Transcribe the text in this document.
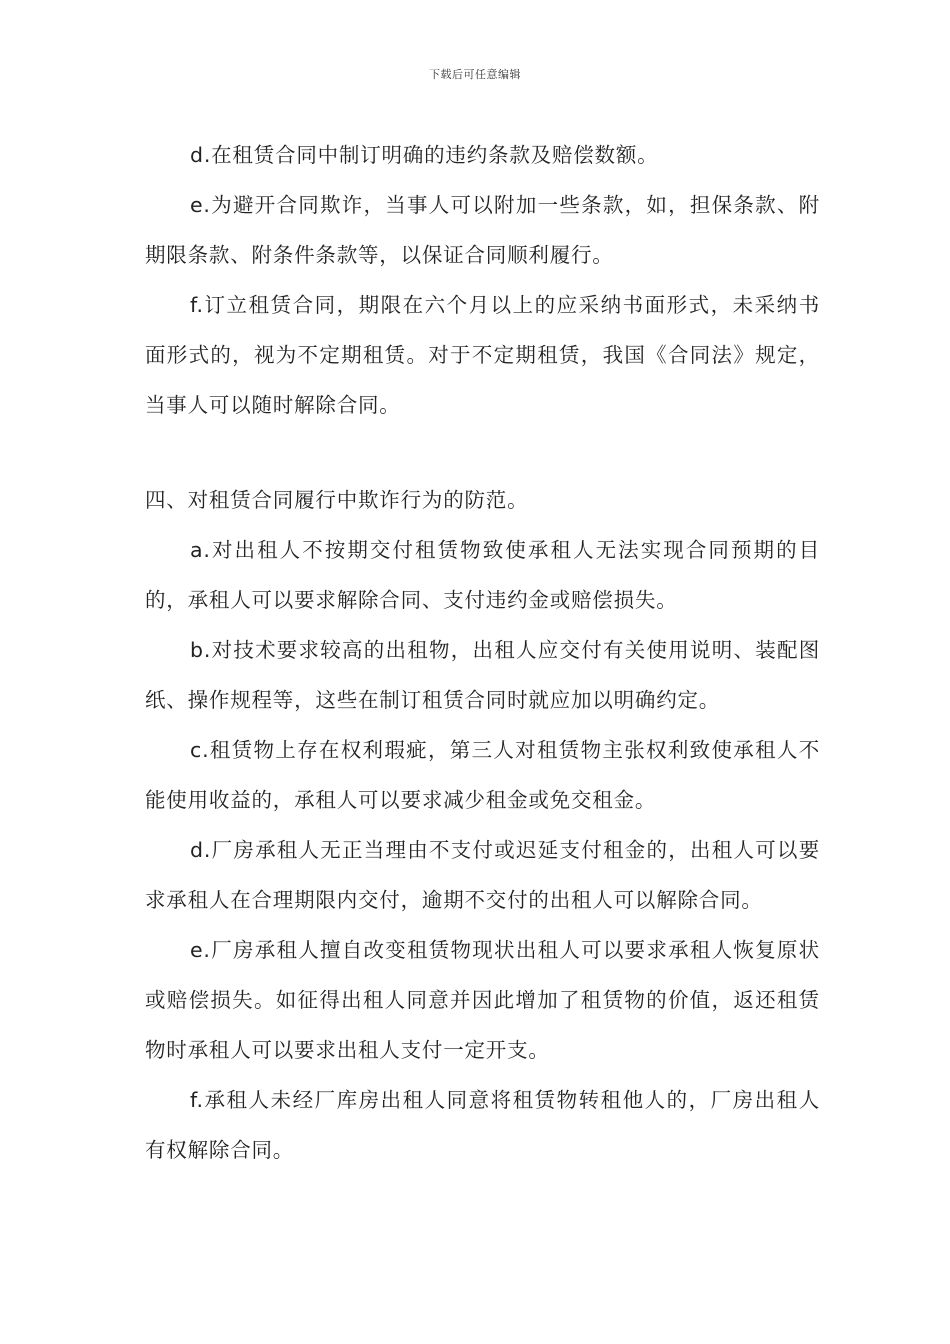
下载后可任意编辑

d.在租赁合同中制订明确的违约条款及赔偿数额。

e.为避开合同欺诈，当事人可以附加一些条款，如，担保条款、附期限条款、附条件条款等，以保证合同顺利履行。

f.订立租赁合同，期限在六个月以上的应采纳书面形式，未采纳书面形式的，视为不定期租赁。对于不定期租赁，我国《合同法》规定，当事人可以随时解除合同。

四、对租赁合同履行中欺诈行为的防范。

a.对出租人不按期交付租赁物致使承租人无法实现合同预期的目的，承租人可以要求解除合同、支付违约金或赔偿损失。

b.对技术要求较高的出租物，出租人应交付有关使用说明、装配图纸、操作规程等，这些在制订租赁合同时就应加以明确约定。

c.租赁物上存在权利瑕疵，第三人对租赁物主张权利致使承租人不能使用收益的，承租人可以要求减少租金或免交租金。

d.厂房承租人无正当理由不支付或迟延支付租金的，出租人可以要求承租人在合理期限内交付，逾期不交付的出租人可以解除合同。

e.厂房承租人擅自改变租赁物现状出租人可以要求承租人恢复原状或赔偿损失。如征得出租人同意并因此增加了租赁物的价值，返还租赁物时承租人可以要求出租人支付一定开支。

f.承租人未经厂库房出租人同意将租赁物转租他人的，厂房出租人有权解除合同。
